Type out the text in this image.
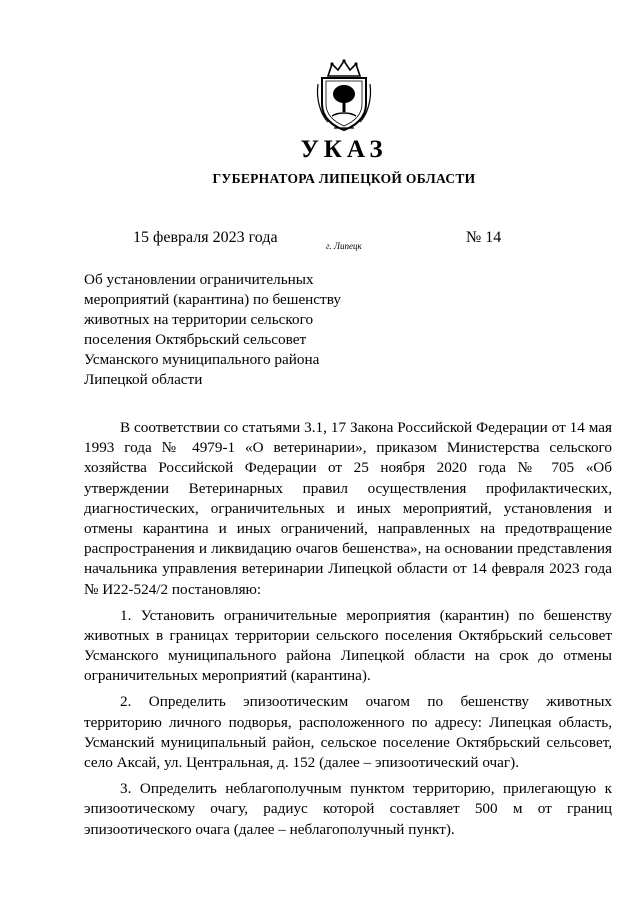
УКАЗ
ГУБЕРНАТОРА ЛИПЕЦКОЙ ОБЛАСТИ
15 февраля 2023 года	г. Липецк	№ 14
Об установлении ограничительных
мероприятий (карантина) по бешенству
животных на территории сельского
поселения Октябрьский сельсовет
Усманского муниципального района
Липецкой области
В соответствии со статьями 3.1, 17 Закона Российской Федерации от 14 мая
1993 года № 4979-1 «О ветеринарии», приказом Министерства сельского
хозяйства Российской Федерации от 25 ноября 2020 года № 705 «Об
утверждении Ветеринарных правил осуществления профилактических,
диагностических, ограничительных и иных мероприятий, установления и
отмены карантина и иных ограничений, направленных на предотвращение
распространения и ликвидацию очагов бешенства», на основании представления
начальника управления ветеринарии Липецкой области от 14 февраля 2023 года
№ И22-524/2 постановляю:
1. Установить ограничительные мероприятия (карантин) по бешенству
животных в границах территории сельского поселения Октябрьский сельсовет
Усманского муниципального района Липецкой области на срок до отмены
ограничительных мероприятий (карантина).
2. Определить эпизоотическим очагом по бешенству животных
территорию личного подворья, расположенного по адресу: Липецкая область,
Усманский муниципальный район, сельское поселение Октябрьский сельсовет,
село Аксай, ул. Центральная, д. 152 (далее – эпизоотический очаг).
3. Определить неблагополучным пунктом территорию, прилегающую к
эпизоотическому очагу, радиус которой составляет 500 м от границ
эпизоотического очага (далее – неблагополучный пункт).
